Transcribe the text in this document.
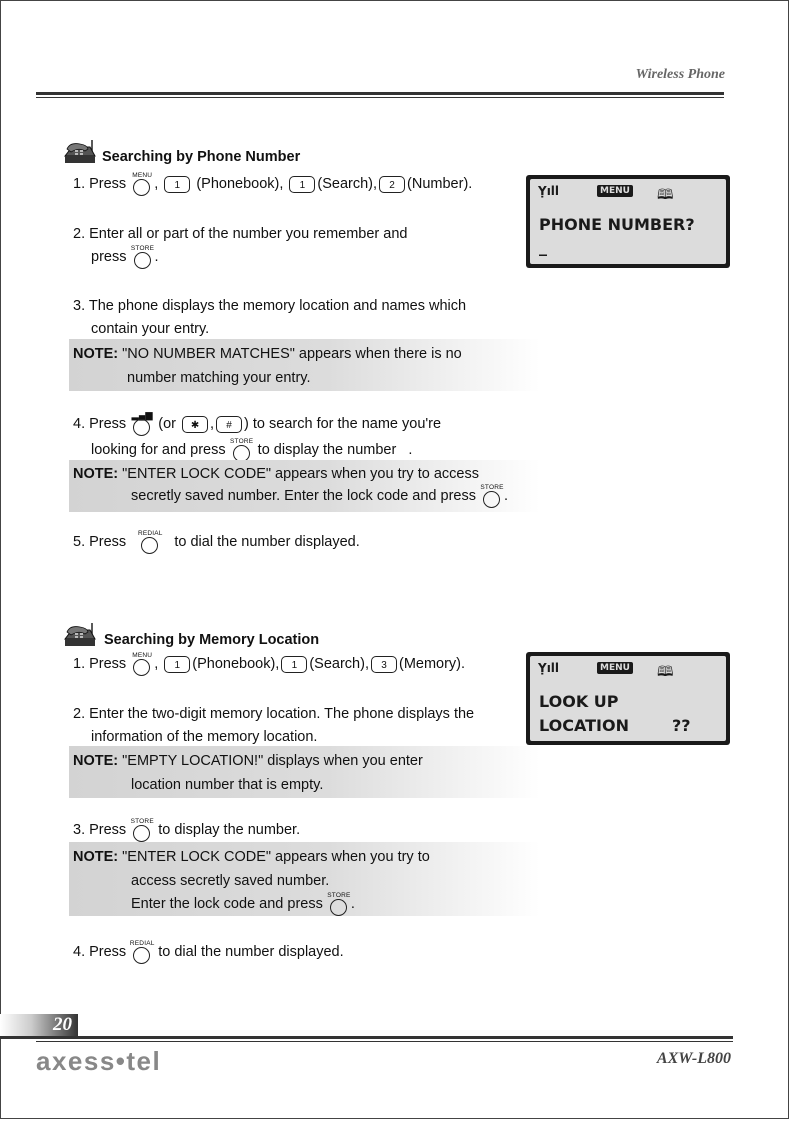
Wireless Phone
Searching by Phone Number
1. Press
MENU
, 1 (Phonebook), 1 (Search), 2 (Number).
2. Enter all or part of the number you remember and
press
STORE
.
Ỵıll	MENU 🕮
PHONE NUMBER?
_
3. The phone displays the memory location and names which
contain your entry.
NOTE: "NO NUMBER MATCHES" appears when there is no
number matching your entry.
4. Press
▂▄▆
(or ✱ , # ) to search for the name you're
looking for and press
STORE
to display the number   .
NOTE: "ENTER LOCK CODE" appears when you try to access
secretly saved number. Enter the lock code and press
STORE
.
5. Press
REDIAL
to dial the number displayed.
Searching by Memory Location
1. Press
MENU
, 1 (Phonebook), 1 (Search), 3 (Memory).
2. Enter the two-digit memory location. The phone displays the
information of the memory location.
Ỵıll	MENU 🕮
LOOK UP
LOCATION	??
NOTE: "EMPTY LOCATION!" displays when you enter
location number that is empty.
3. Press
STORE
to display the number.
NOTE: "ENTER LOCK CODE" appears when you try to
access secretly saved number.
Enter the lock code and press
STORE
.
4. Press
REDIAL
to dial the number displayed.
20
axess•tel	AXW-L800
